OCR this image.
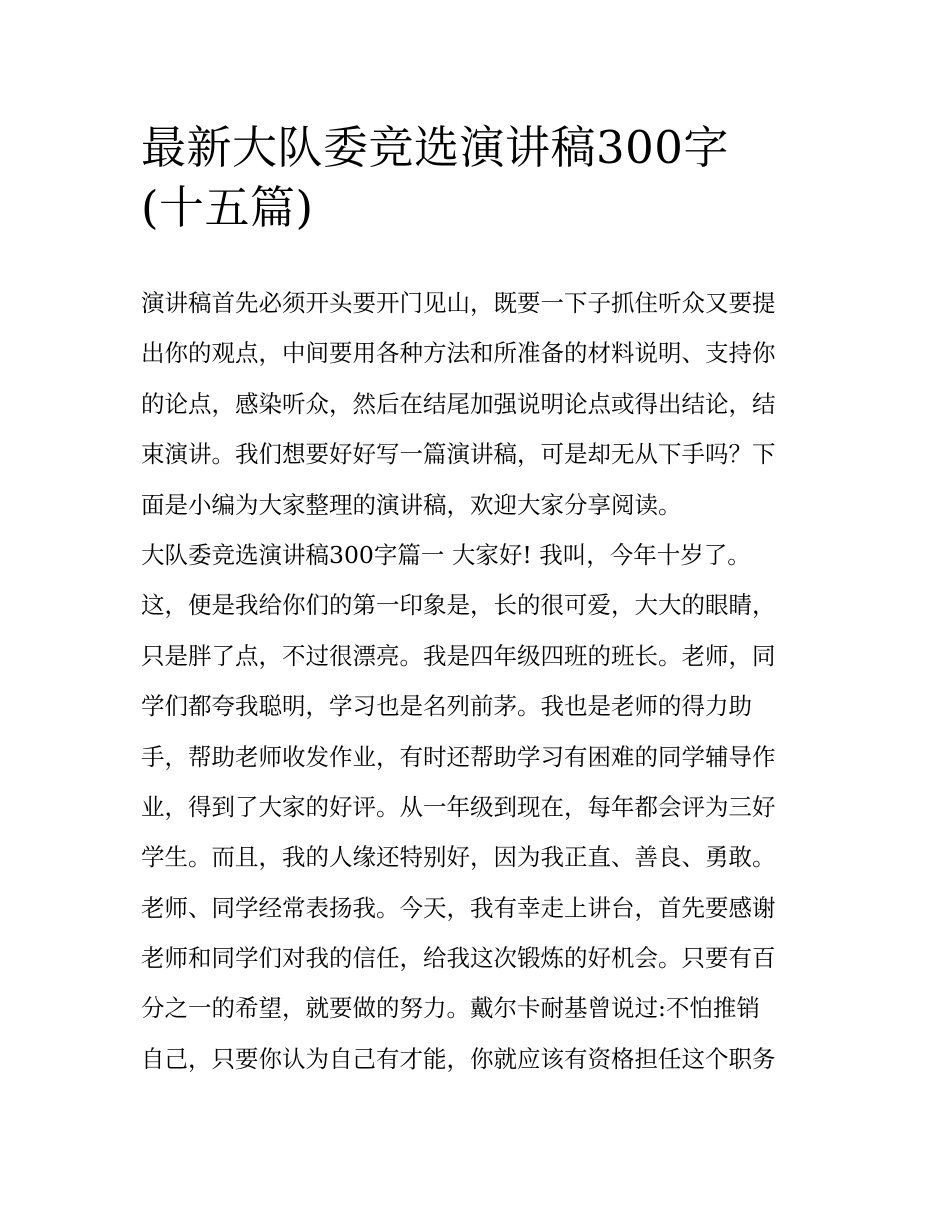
最新大队委竞选演讲稿300字
(十五篇)
演讲稿首先必须开头要开门见山，既要一下子抓住听众又要提
出你的观点，中间要用各种方法和所准备的材料说明、支持你
的论点，感染听众，然后在结尾加强说明论点或得出结论，结
束演讲。我们想要好好写一篇演讲稿，可是却无从下手吗？下
面是小编为大家整理的演讲稿，欢迎大家分享阅读。
大队委竞选演讲稿300字篇一 大家好! 我叫，今年十岁了。
这，便是我给你们的第一印象是，长的很可爱，大大的眼睛，
只是胖了点，不过很漂亮。我是四年级四班的班长。老师，同
学们都夸我聪明，学习也是名列前茅。我也是老师的得力助
手，帮助老师收发作业，有时还帮助学习有困难的同学辅导作
业，得到了大家的好评。从一年级到现在，每年都会评为三好
学生。而且，我的人缘还特别好，因为我正直、善良、勇敢。
老师、同学经常表扬我。今天，我有幸走上讲台，首先要感谢
老师和同学们对我的信任，给我这次锻炼的好机会。只要有百
分之一的希望，就要做的努力。戴尔卡耐基曾说过:不怕推销
自己，只要你认为自己有才能，你就应该有资格担任这个职务
